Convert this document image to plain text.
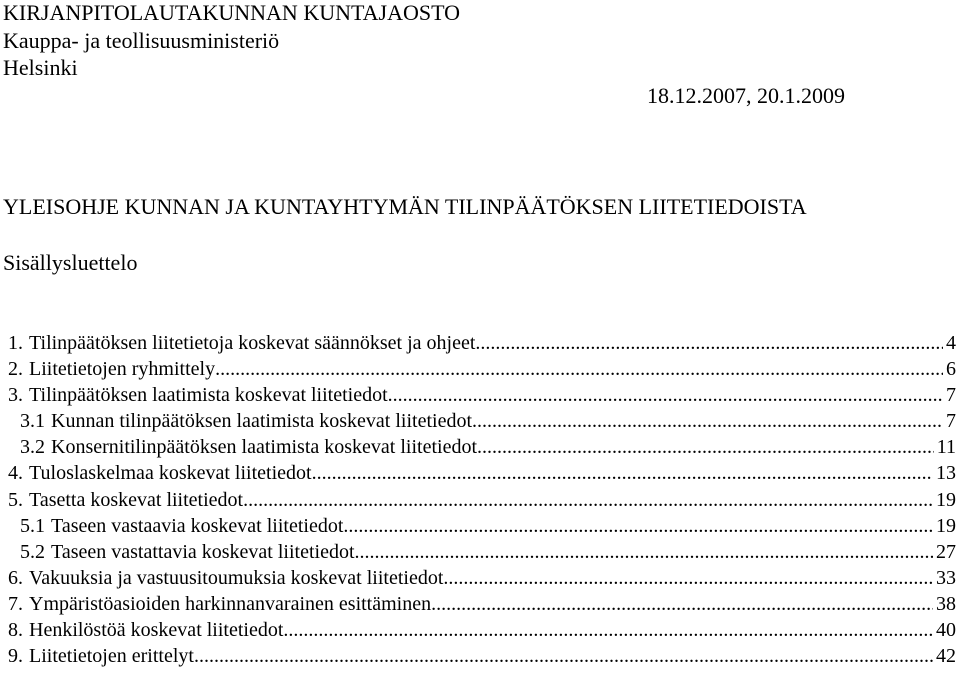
KIRJANPITOLAUTAKUNNAN KUNTAJAOSTO
Kauppa- ja teollisuusministeriö
Helsinki
18.12.2007, 20.1.2009
YLEISOHJE KUNNAN JA KUNTAYHTYMÄN TILINPÄÄTÖKSEN LIITETIEDOISTA
Sisällysluettelo
1. Tilinpäätöksen liitetietoja koskevat säännökset ja ohjeet .....	4
2. Liitetietojen ryhmittely .....	6
3. Tilinpäätöksen laatimista koskevat liitetiedot .....	7
3.1 Kunnan tilinpäätöksen laatimista koskevat liitetiedot .....	7
3.2 Konsernitilinpäätöksen laatimista koskevat liitetiedot .....	11
4. Tuloslaskelmaa koskevat liitetiedot .....	13
5. Tasetta koskevat liitetiedot .....	19
5.1 Taseen vastaavia koskevat liitetiedot .....	19
5.2 Taseen vastattavia koskevat liitetiedot .....	27
6. Vakuuksia ja vastuusitoumuksia koskevat liitetiedot .....	33
7. Ympäristöasioiden harkinnanvarainen esittäminen .....	38
8. Henkilöstöä koskevat liitetiedot .....	40
9. Liitetietojen erittelyt .....	42
